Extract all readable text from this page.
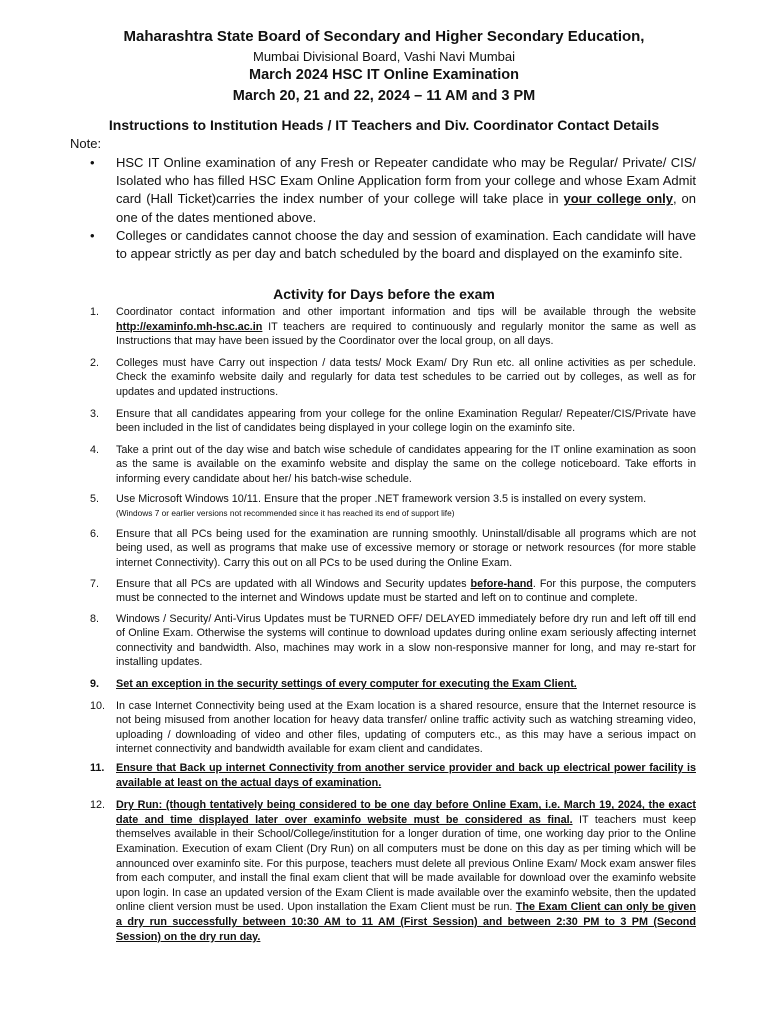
Maharashtra State Board of Secondary and Higher Secondary Education,
Mumbai Divisional Board, Vashi Navi Mumbai
March 2024 HSC IT Online Examination
March 20, 21 and 22, 2024 – 11 AM and 3 PM
Instructions to Institution Heads / IT Teachers and Div. Coordinator Contact Details
Note:
• HSC IT Online examination of any Fresh or Repeater candidate who may be Regular/ Private/ CIS/ Isolated who has filled HSC Exam Online Application form from your college and whose Exam Admit card (Hall Ticket)carries the index number of your college will take place in your college only, on one of the dates mentioned above.
• Colleges or candidates cannot choose the day and session of examination. Each candidate will have to appear strictly as per day and batch scheduled by the board and displayed on the examinfo site.
Activity for Days before the exam
1. Coordinator contact information and other important information and tips will be available through the website http://examinfo.mh-hsc.ac.in IT teachers are required to continuously and regularly monitor the same as well as Instructions that may have been issued by the Coordinator over the local group, on all days.
2. Colleges must have Carry out inspection / data tests/ Mock Exam/ Dry Run etc. all online activities as per schedule. Check the examinfo website daily and regularly for data test schedules to be carried out by colleges, as well as for updates and updated instructions.
3. Ensure that all candidates appearing from your college for the online Examination Regular/ Repeater/CIS/Private have been included in the list of candidates being displayed in your college login on the examinfo site.
4. Take a print out of the day wise and batch wise schedule of candidates appearing for the IT online examination as soon as the same is available on the examinfo website and display the same on the college noticeboard. Take efforts in informing every candidate about her/ his batch-wise schedule.
5. Use Microsoft Windows 10/11. Ensure that the proper .NET framework version 3.5 is installed on every system.
(Windows 7 or earlier versions not recommended since it has reached its end of support life)
6. Ensure that all PCs being used for the examination are running smoothly. Uninstall/disable all programs which are not being used, as well as programs that make use of excessive memory or storage or network resources (for more stable internet Connectivity). Carry this out on all PCs to be used during the Online Exam.
7. Ensure that all PCs are updated with all Windows and Security updates before-hand. For this purpose, the computers must be connected to the internet and Windows update must be started and left on to continue and complete.
8. Windows / Security/ Anti-Virus Updates must be TURNED OFF/ DELAYED immediately before dry run and left off till end of Online Exam. Otherwise the systems will continue to download updates during online exam seriously affecting internet connectivity and bandwidth. Also, machines may work in a slow non-responsive manner for long, and may re-start for installing updates.
9. Set an exception in the security settings of every computer for executing the Exam Client.
10. In case Internet Connectivity being used at the Exam location is a shared resource, ensure that the Internet resource is not being misused from another location for heavy data transfer/ online traffic activity such as watching streaming video, uploading / downloading of video and other files, updating of computers etc., as this may have a serious impact on internet connectivity and bandwidth available for exam client and candidates.
11. Ensure that Back up internet Connectivity from another service provider and back up electrical power facility is available at least on the actual days of examination.
12. Dry Run: (though tentatively being considered to be one day before Online Exam, i.e. March 19, 2024, the exact date and time displayed later over examinfo website must be considered as final. IT teachers must keep themselves available in their School/College/institution for a longer duration of time, one working day prior to the Online Examination. Execution of exam Client (Dry Run) on all computers must be done on this day as per timing which will be announced over examinfo site. For this purpose, teachers must delete all previous Online Exam/ Mock exam answer files from each computer, and install the final exam client that will be made available for download over the examinfo website upon login. In case an updated version of the Exam Client is made available over the examinfo website, then the updated online client version must be used. Upon installation the Exam Client must be run. The Exam Client can only be given a dry run successfully between 10:30 AM to 11 AM (First Session) and between 2:30 PM to 3 PM (Second Session) on the dry run day.
